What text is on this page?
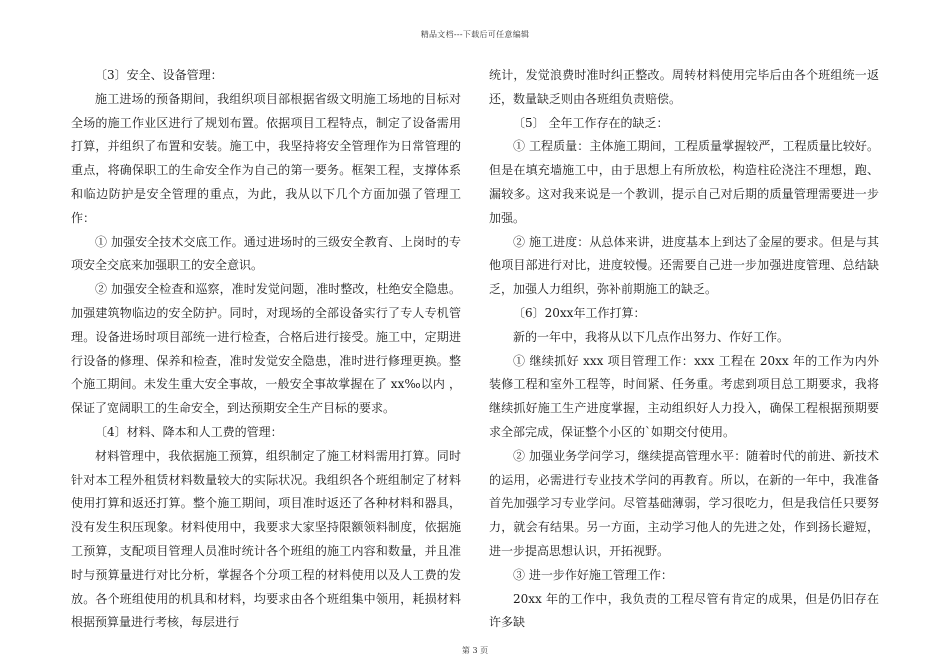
精品文档---下载后可任意编辑

〔3〕安全、设备管理：

施工进场的预备期间，我组织项目部根据省级文明施工场地的目标对全场的施工作业区进行了规划布置。依据项目工程特点，制定了设备需用打算，并组织了布置和安装。施工中，我坚持将安全管理作为日常管理的重点，将确保职工的生命安全作为自己的第一要务。框架工程，支撑体系和临边防护是安全管理的重点，为此，我从以下几个方面加强了管理工作：

① 加强安全技术交底工作。通过进场时的三级安全教育、上岗时的专项安全交底来加强职工的安全意识。

② 加强安全检查和巡察，准时发觉问题，准时整改，杜绝安全隐患。加强建筑物临边的安全防护。同时，对现场的全部设备实行了专人专机管理。设备进场时项目部统一进行检查，合格后进行接受。施工中，定期进行设备的修理、保养和检查，准时发觉安全隐患，准时进行修理更换。整个施工期间。未发生重大安全事故，一般安全事故掌握在了 xx‰以内 ，保证了宽阔职工的生命安全，到达预期安全生产目标的要求。

〔4〕材料、降本和人工费的管理：

材料管理中，我依据施工预算，组织制定了施工材料需用打算。同时针对本工程外租赁材料数量较大的实际状况。我组织各个班组制定了材料使用打算和返还打算。整个施工期间，项目准时返还了各种材料和器具，没有发生积压现象。材料使用中，我要求大家坚持限额领料制度，依据施工预算，支配项目管理人员准时统计各个班组的施工内容和数量，并且准时与预算量进行对比分析，掌握各个分项工程的材料使用以及人工费的发放。各个班组使用的机具和材料，均要求由各个班组集中领用，耗损材料根据预算量进行考核，每层进行

统计，发觉浪费时准时纠正整改。周转材料使用完毕后由各个班组统一返还，数量缺乏则由各班组负责赔偿。

〔5〕 全年工作存在的缺乏：

① 工程质量：主体施工期间，工程质量掌握较严，工程质量比较好。但是在填充墙施工中，由于思想上有所放松，构造柱砼浇注不理想，跑、漏较多。这对我来说是一个教训，提示自己对后期的质量管理需要进一步加强。

② 施工进度：从总体来讲，进度基本上到达了金屋的要求。但是与其他项目部进行对比，进度较慢。还需要自己进一步加强进度管理、总结缺乏，加强人力组织，弥补前期施工的缺乏。

〔6〕20xx年工作打算：

新的一年中，我将从以下几点作出努力、作好工作。

① 继续抓好 xxx 项目管理工作：xxx 工程在 20xx 年的工作为内外装修工程和室外工程等，时间紧、任务重。考虑到项目总工期要求，我将继续抓好施工生产进度掌握，主动组织好人力投入，确保工程根据预期要求全部完成，保证整个小区的`如期交付使用。

② 加强业务学问学习，继续提高管理水平：随着时代的前进、新技术的运用，必需进行专业技术学问的再教育。所以，在新的一年中，我准备首先加强学习专业学问。尽管基础薄弱，学习很吃力，但是我信任只要努力，就会有结果。另一方面，主动学习他人的先进之处，作到扬长避短，进一步提高思想认识，开拓视野。

③ 进一步作好施工管理工作：

20xx 年的工作中，我负责的工程尽管有肯定的成果，但是仍旧存在许多缺

第 3 页
